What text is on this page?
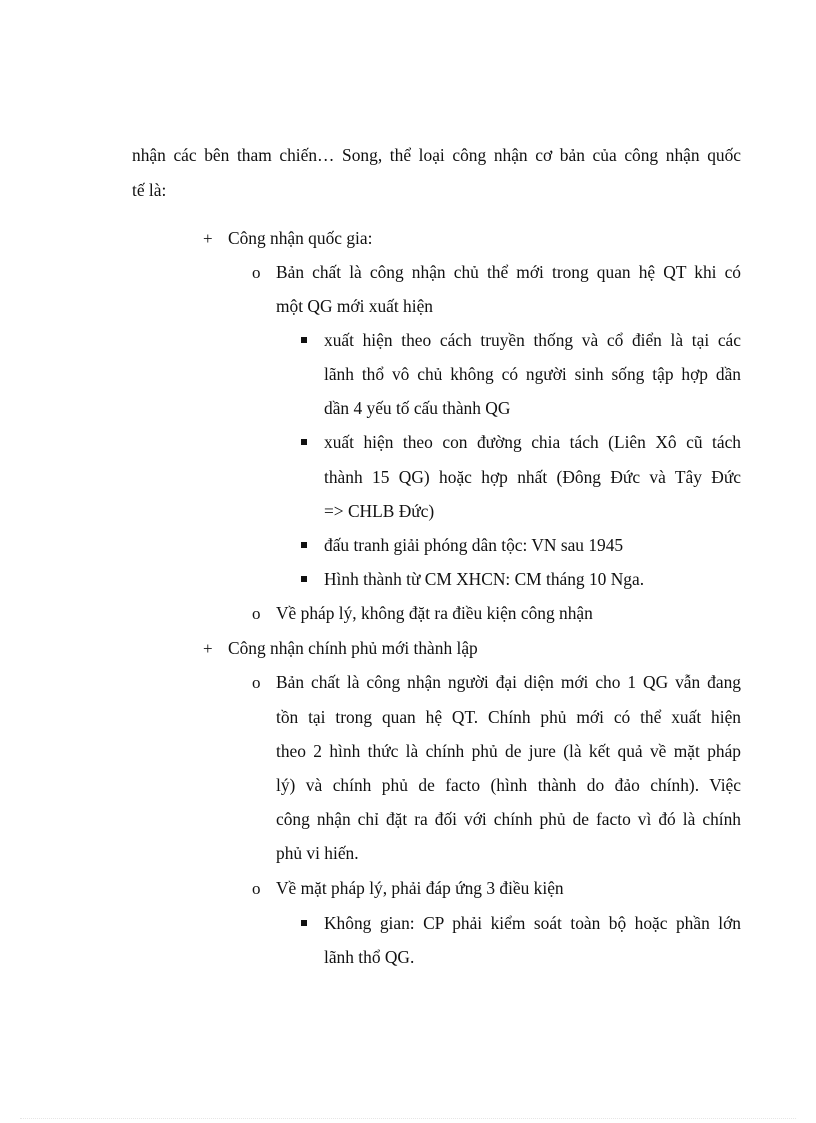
nhận các bên tham chiến… Song, thể loại công nhận cơ bản của công nhận quốc
tế là:
+ Công nhận quốc gia:
o Bản chất là công nhận chủ thể mới trong quan hệ QT khi có
một QG mới xuất hiện
xuất hiện theo cách truyền thống và cổ điển là tại các
lãnh thổ vô chủ không có người sinh sống tập hợp dần
dần 4 yếu tố cấu thành QG
xuất hiện theo con đường chia tách (Liên Xô cũ tách
thành 15 QG) hoặc hợp nhất (Đông Đức và Tây Đức
=> CHLB Đức)
đấu tranh giải phóng dân tộc: VN sau 1945
Hình thành từ CM XHCN: CM tháng 10 Nga.
o Về pháp lý, không đặt ra điều kiện công nhận
+ Công nhận chính phủ mới thành lập
o Bản chất là công nhận người đại diện mới cho 1 QG vẫn đang
tồn tại trong quan hệ QT. Chính phủ mới có thể xuất hiện
theo 2 hình thức là chính phủ de jure (là kết quả về mặt pháp
lý) và chính phủ de facto (hình thành do đảo chính). Việc
công nhận chỉ đặt ra đối với chính phủ de facto vì đó là chính
phủ vi hiến.
o Về mặt pháp lý, phải đáp ứng 3 điều kiện
Không gian: CP phải kiểm soát toàn bộ hoặc phần lớn
lãnh thổ QG.
